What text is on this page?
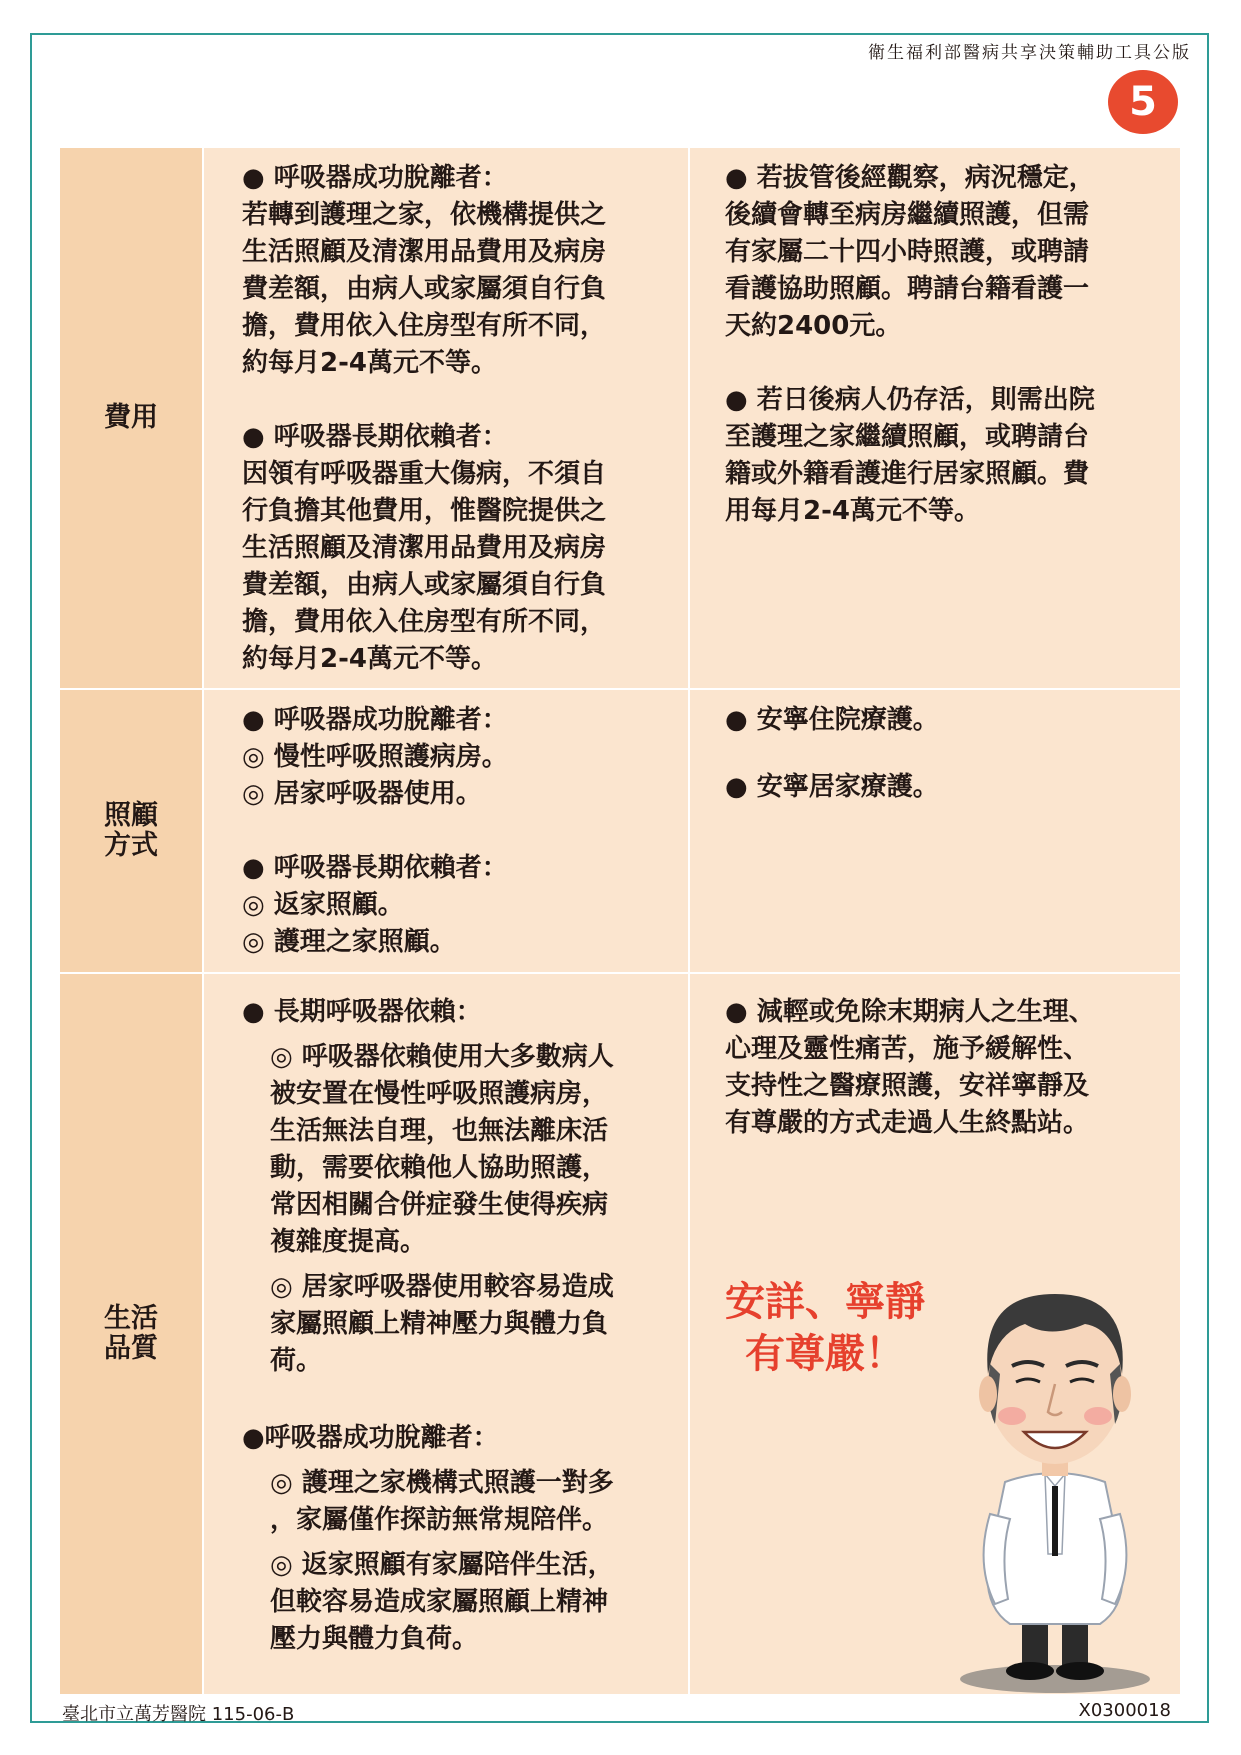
衛生福利部醫病共享決策輔助工具公版
5
費用

● 呼吸器成功脫離者：
若轉到護理之家，依機構提供之
生活照顧及清潔用品費用及病房
費差額，由病人或家屬須自行負
擔，費用依入住房型有所不同，
約每月2-4萬元不等。

● 呼吸器長期依賴者：
因領有呼吸器重大傷病，不須自
行負擔其他費用，惟醫院提供之
生活照顧及清潔用品費用及病房
費差額，由病人或家屬須自行負
擔，費用依入住房型有所不同，
約每月2-4萬元不等。

● 若拔管後經觀察，病況穩定，
後續會轉至病房繼續照護，但需
有家屬二十四小時照護，或聘請
看護協助照顧。聘請台籍看護一
天約2400元。

● 若日後病人仍存活，則需出院
至護理之家繼續照顧，或聘請台
籍或外籍看護進行居家照顧。費
用每月2-4萬元不等。

照顧
方式

● 呼吸器成功脫離者：
◎ 慢性呼吸照護病房。
◎ 居家呼吸器使用。

● 呼吸器長期依賴者：
◎ 返家照顧。
◎ 護理之家照顧。

● 安寧住院療護。

● 安寧居家療護。

生活
品質

● 長期呼吸器依賴：

◎ 呼吸器依賴使用大多數病人
被安置在慢性呼吸照護病房，
生活無法自理，也無法離床活
動，需要依賴他人協助照護，
常因相關合併症發生使得疾病
複雜度提高。

◎ 居家呼吸器使用較容易造成
家屬照顧上精神壓力與體力負
荷。

●呼吸器成功脫離者：

◎ 護理之家機構式照護一對多
，家屬僅作探訪無常規陪伴。

◎ 返家照顧有家屬陪伴生活，
但較容易造成家屬照顧上精神
壓力與體力負荷。

● 減輕或免除末期病人之生理、
心理及靈性痛苦，施予緩解性、
支持性之醫療照護，安祥寧靜及
有尊嚴的方式走過人生終點站。

安詳、寧靜
有尊嚴！
臺北市立萬芳醫院 115-06-B	X0300018
